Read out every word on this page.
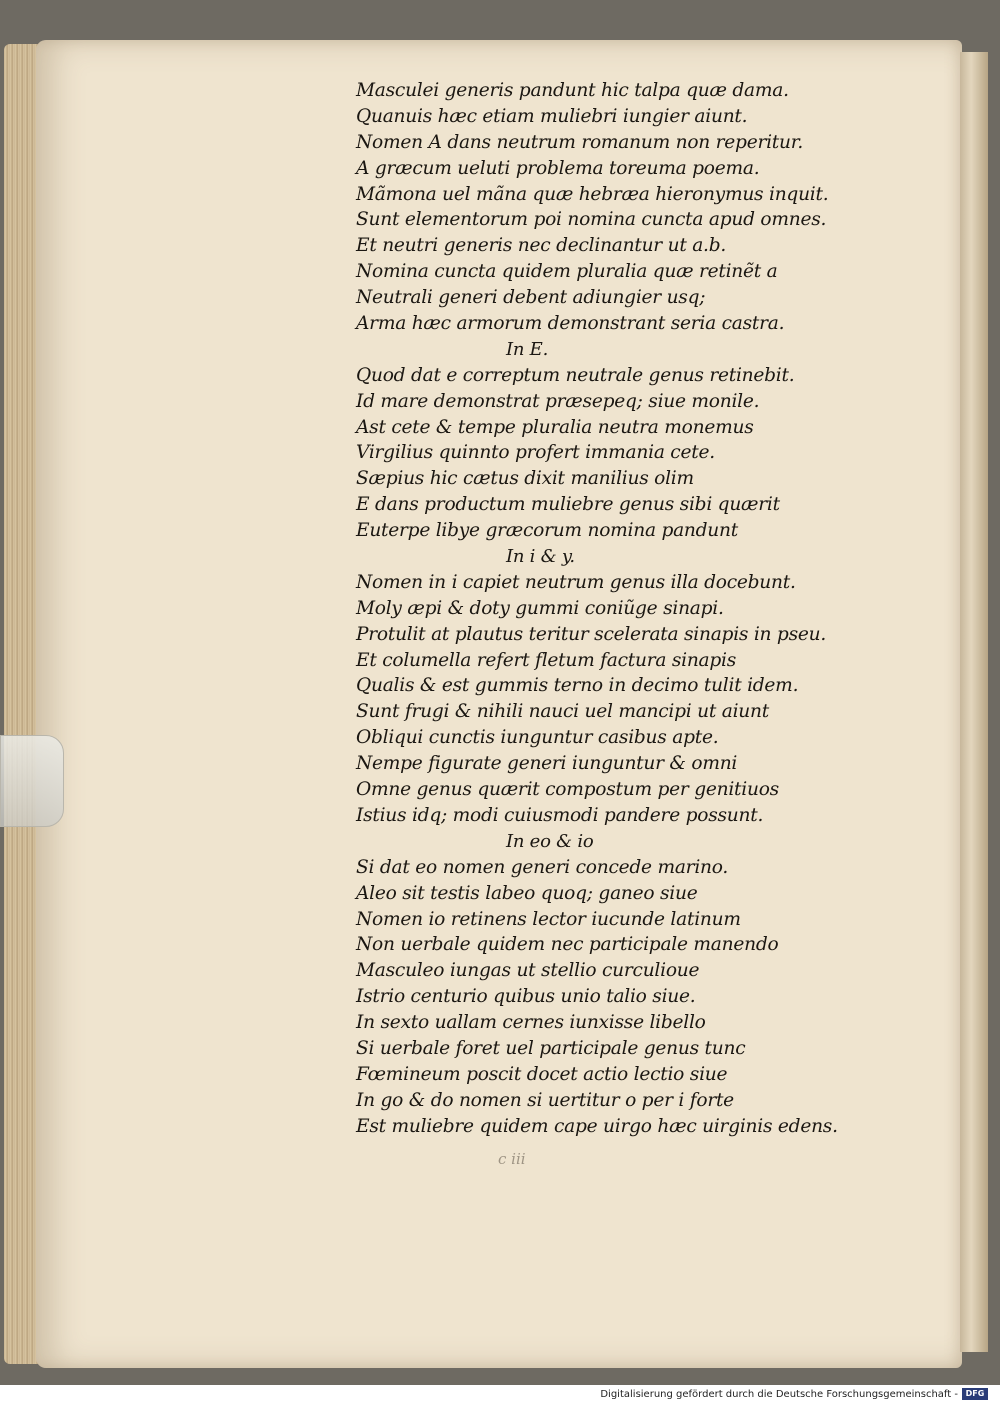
Masculei generis pandunt hic talpa quæ dama.
Quanuis hæc etiam muliebri iungier aiunt.
Nomen A dans neutrum romanum non reperitur.
A græcum ueluti problema toreuma poema.
Mãmona uel mãna quæ hebræa hieronymus inquit.
Sunt elementorum poi nomina cuncta apud omnes.
Et neutri generis nec declinantur ut a.b.
Nomina cuncta quidem pluralia quæ retinẽt a
Neutrali generi debent adiungier usq;
Arma hæc armorum demonstrant seria castra.
In E.
Quod dat e correptum neutrale genus retinebit.
Id mare demonstrat præsepeq; siue monile.
Ast cete & tempe pluralia neutra monemus
Virgilius quinnto profert immania cete.
Sæpius hic cætus dixit manilius olim
E dans productum muliebre genus sibi quærit
Euterpe libye græcorum nomina pandunt
In i & y.
Nomen in i capiet neutrum genus illa docebunt.
Moly æpi & doty gummi coniũge sinapi.
Protulit at plautus teritur scelerata sinapis in pseu.
Et columella refert fletum factura sinapis
Qualis & est gummis terno in decimo tulit idem.
Sunt frugi & nihili nauci uel mancipi ut aiunt
Obliqui cunctis iunguntur casibus apte.
Nempe figurate generi iunguntur & omni
Omne genus quærit compostum per genitiuos
Istius idq; modi cuiusmodi pandere possunt.
In eo & io
Si dat eo nomen generi concede marino.
Aleo sit testis labeo quoq; ganeo siue
Nomen io retinens lector iucunde latinum
Non uerbale quidem nec participale manendo
Masculeo iungas ut stellio curculioue
Istrio centurio quibus unio talio siue.
In sexto uallam cernes iunxisse libello
Si uerbale foret uel participale genus tunc
Fœmineum poscit docet actio lectio siue
In go & do nomen si uertitur o per i forte
Est muliebre quidem cape uirgo hæc uirginis edens.
c iii
Digitalisierung gefördert durch die Deutsche Forschungsgemeinschaft - DFG
